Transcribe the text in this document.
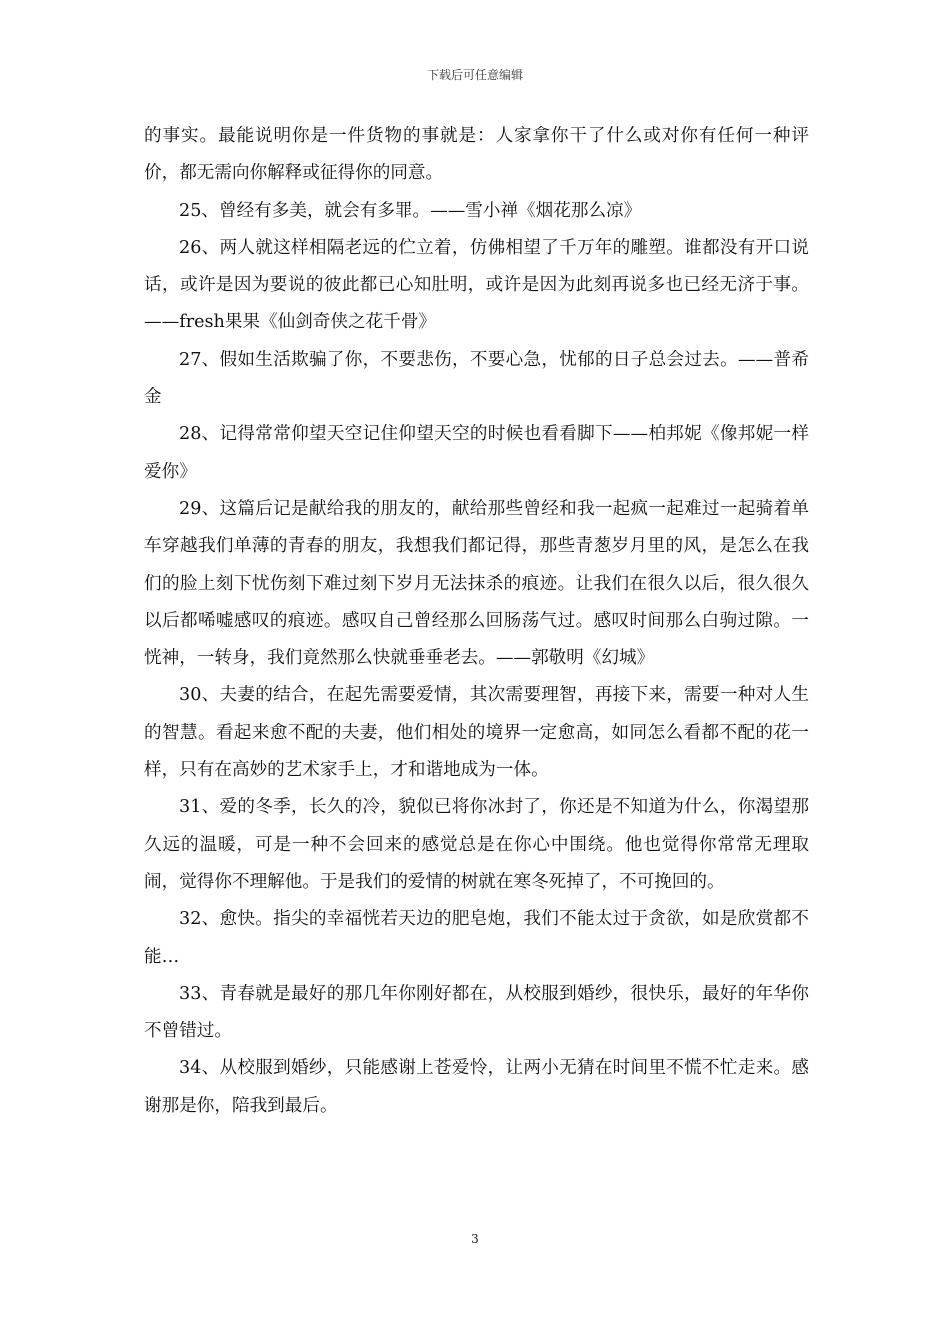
下载后可任意编辑

的事实。最能说明你是一件货物的事就是：人家拿你干了什么或对你有任何一种评价，都无需向你解释或征得你的同意。

25、曾经有多美，就会有多罪。——雪小禅《烟花那么凉》

26、两人就这样相隔老远的伫立着，仿佛相望了千万年的雕塑。谁都没有开口说话，或许是因为要说的彼此都已心知肚明，或许是因为此刻再说多也已经无济于事。——fresh果果《仙剑奇侠之花千骨》

27、假如生活欺骗了你，不要悲伤，不要心急，忧郁的日子总会过去。——普希金

28、记得常常仰望天空记住仰望天空的时候也看看脚下——柏邦妮《像邦妮一样爱你》

29、这篇后记是献给我的朋友的，献给那些曾经和我一起疯一起难过一起骑着单车穿越我们单薄的青春的朋友，我想我们都记得，那些青葱岁月里的风，是怎么在我们的脸上刻下忧伤刻下难过刻下岁月无法抹杀的痕迹。让我们在很久以后，很久很久以后都唏嘘感叹的痕迹。感叹自己曾经那么回肠荡气过。感叹时间那么白驹过隙。一恍神，一转身，我们竟然那么快就垂垂老去。——郭敬明《幻城》

30、夫妻的结合，在起先需要爱情，其次需要理智，再接下来，需要一种对人生的智慧。看起来愈不配的夫妻，他们相处的境界一定愈高，如同怎么看都不配的花一样，只有在高妙的艺术家手上，才和谐地成为一体。

31、爱的冬季，长久的冷，貌似已将你冰封了，你还是不知道为什么，你渴望那久远的温暖，可是一种不会回来的感觉总是在你心中围绕。他也觉得你常常无理取闹，觉得你不理解他。于是我们的爱情的树就在寒冬死掉了，不可挽回的。

32、愈快。指尖的幸福恍若天边的肥皂炮，我们不能太过于贪欲，如是欣赏都不能…

33、青春就是最好的那几年你刚好都在，从校服到婚纱，很快乐，最好的年华你不曾错过。

34、从校服到婚纱，只能感谢上苍爱怜，让两小无猜在时间里不慌不忙走来。感谢那是你，陪我到最后。

3
